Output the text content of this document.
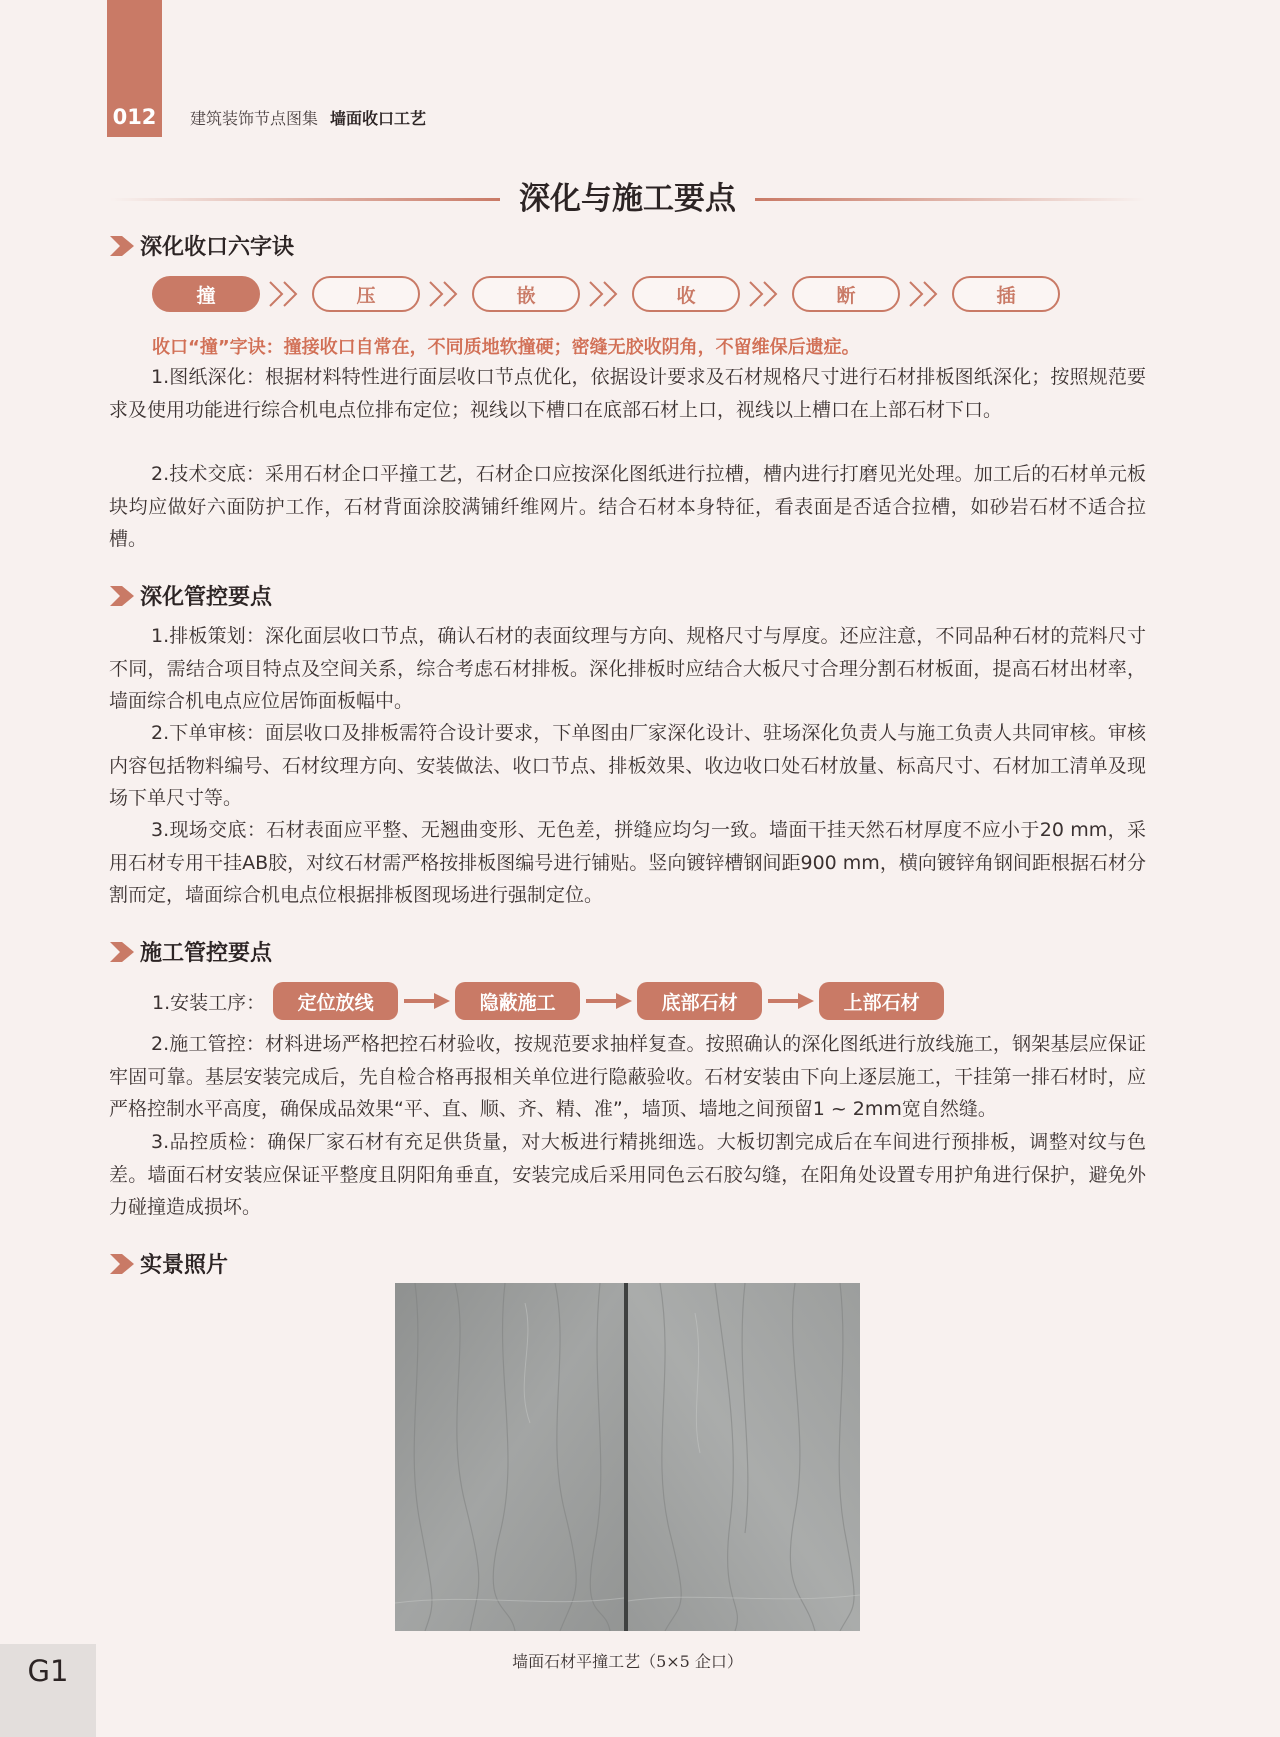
012	建筑装饰节点图集 墙面收口工艺
深化与施工要点
深化收口六字诀
撞	压	嵌	收	断	插
收口“撞”字诀：撞接收口自常在，不同质地软撞硬；密缝无胶收阴角，不留维保后遗症。
1.图纸深化：根据材料特性进行面层收口节点优化，依据设计要求及石材规格尺寸进行石材排板图纸深化；按照规范要求及使用功能进行综合机电点位排布定位；视线以下槽口在底部石材上口，视线以上槽口在上部石材下口。
2.技术交底：采用石材企口平撞工艺，石材企口应按深化图纸进行拉槽，槽内进行打磨见光处理。加工后的石材单元板块均应做好六面防护工作，石材背面涂胶满铺纤维网片。结合石材本身特征，看表面是否适合拉槽，如砂岩石材不适合拉槽。
深化管控要点
1.排板策划：深化面层收口节点，确认石材的表面纹理与方向、规格尺寸与厚度。还应注意，不同品种石材的荒料尺寸不同，需结合项目特点及空间关系，综合考虑石材排板。深化排板时应结合大板尺寸合理分割石材板面，提高石材出材率，墙面综合机电点应位居饰面板幅中。
2.下单审核：面层收口及排板需符合设计要求，下单图由厂家深化设计、驻场深化负责人与施工负责人共同审核。审核内容包括物料编号、石材纹理方向、安装做法、收口节点、排板效果、收边收口处石材放量、标高尺寸、石材加工清单及现场下单尺寸等。
3.现场交底：石材表面应平整、无翘曲变形、无色差，拼缝应均匀一致。墙面干挂天然石材厚度不应小于20 mm，采用石材专用干挂AB胶，对纹石材需严格按排板图编号进行铺贴。竖向镀锌槽钢间距900 mm，横向镀锌角钢间距根据石材分割而定，墙面综合机电点位根据排板图现场进行强制定位。
施工管控要点
1.安装工序：	定位放线	隐蔽施工	底部石材	上部石材
2.施工管控：材料进场严格把控石材验收，按规范要求抽样复查。按照确认的深化图纸进行放线施工，钢架基层应保证牢固可靠。基层安装完成后，先自检合格再报相关单位进行隐蔽验收。石材安装由下向上逐层施工，干挂第一排石材时，应严格控制水平高度，确保成品效果“平、直、顺、齐、精、准”，墙顶、墙地之间预留1 ~ 2mm宽自然缝。
3.品控质检：确保厂家石材有充足供货量，对大板进行精挑细选。大板切割完成后在车间进行预排板，调整对纹与色差。墙面石材安装应保证平整度且阴阳角垂直，安装完成后采用同色云石胶勾缝，在阳角处设置专用护角进行保护，避免外力碰撞造成损坏。
实景照片
墙面石材平撞工艺（5×5 企口）
G1
